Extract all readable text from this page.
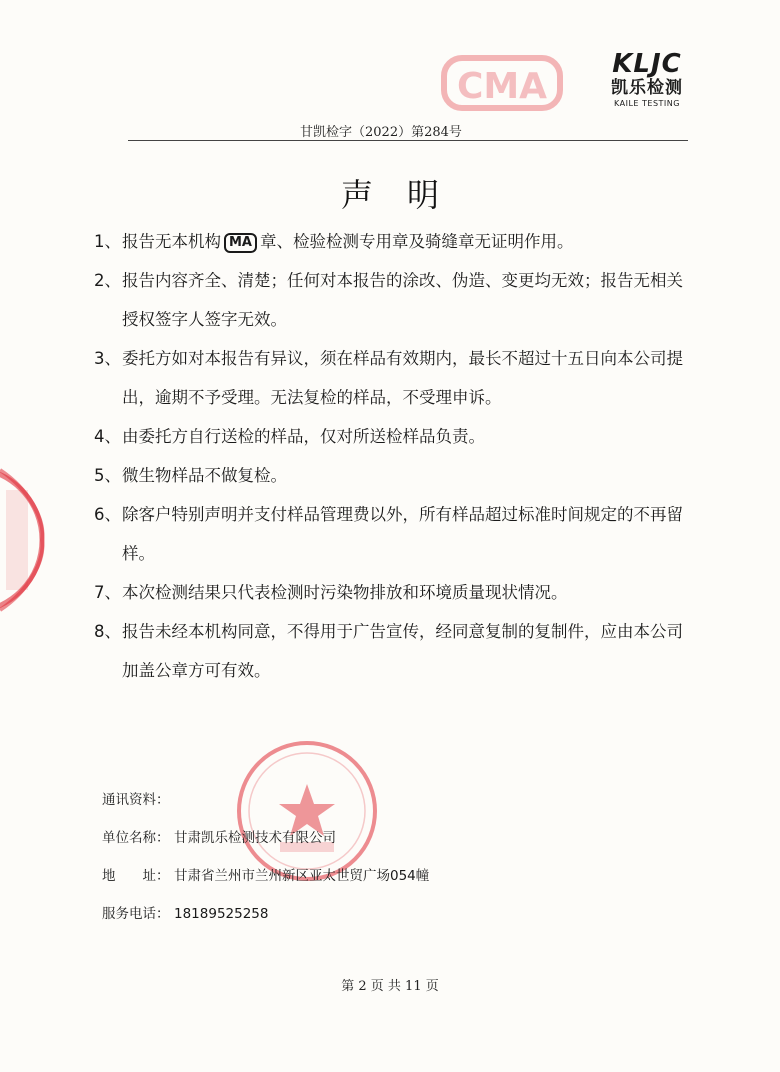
CMA
KLJC
凯乐检测
KAILE TESTING
甘凯检字（2022）第284号
声明
1、 报告无本机构 MA 章、检验检测专用章及骑缝章无证明作用。
2、 报告内容齐全、清楚；任何对本报告的涂改、伪造、变更均无效；报告无相关授权签字人签字无效。
3、 委托方如对本报告有异议，须在样品有效期内，最长不超过十五日向本公司提出，逾期不予受理。无法复检的样品，不受理申诉。
4、 由委托方自行送检的样品，仅对所送检样品负责。
5、 微生物样品不做复检。
6、 除客户特别声明并支付样品管理费以外，所有样品超过标准时间规定的不再留样。
7、 本次检测结果只代表检测时污染物排放和环境质量现状情况。
8、 报告未经本机构同意，不得用于广告宣传，经同意复制的复制件，应由本公司加盖公章方可有效。
通讯资料：
单位名称： 甘肃凯乐检测技术有限公司
地　　址： 甘肃省兰州市兰州新区亚太世贸广场054幢
服务电话： 18189525258
第 2 页 共 11 页
